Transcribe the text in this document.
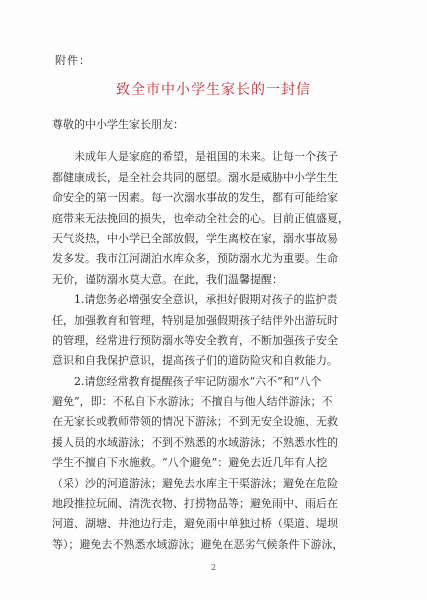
附件：
致全市中小学生家长的一封信
尊敬的中小学生家长朋友：
　　未成年人是家庭的希望，是祖国的未来。让每一个孩子
都健康成长，是全社会共同的愿望。溺水是威胁中小学生生
命安全的第一因素。每一次溺水事故的发生，都有可能给家
庭带来无法挽回的损失，也牵动全社会的心。目前正值盛夏，
天气炎热，中小学已全部放假，学生离校在家，溺水事故易
发多发。我市江河湖泊水库众多，预防溺水尤为重要。生命
无价，谨防溺水莫大意。在此，我们温馨提醒：
　　1.请您务必增强安全意识，承担好假期对孩子的监护责
任，加强教育和管理，特别是加强假期孩子结伴外出游玩时
的管理，经常进行预防溺水等安全教育，不断加强孩子安全
意识和自我保护意识，提高孩子们的道防险灾和自救能力。
　　2.请您经常教育提醒孩子牢记防溺水“六不”和“八个
避免”，即：不私自下水游泳；不擅自与他人结伴游泳；不
在无家长或教师带领的情况下游泳；不到无安全设施、无救
援人员的水域游泳；不到不熟悉的水域游泳；不熟悉水性的
学生不擅自下水施救。“八个避免”：避免去近几年有人挖
（采）沙的河道游泳；避免去水库主干渠游泳；避免在危险
地段推拉玩闹、清洗衣物、打捞物品等；避免雨中、雨后在
河道、湖塘、井池边行走，避免雨中单独过桥（渠道、堤坝
等）；避免去不熟悉水域游泳；避免在恶劣气候条件下游泳，
2
